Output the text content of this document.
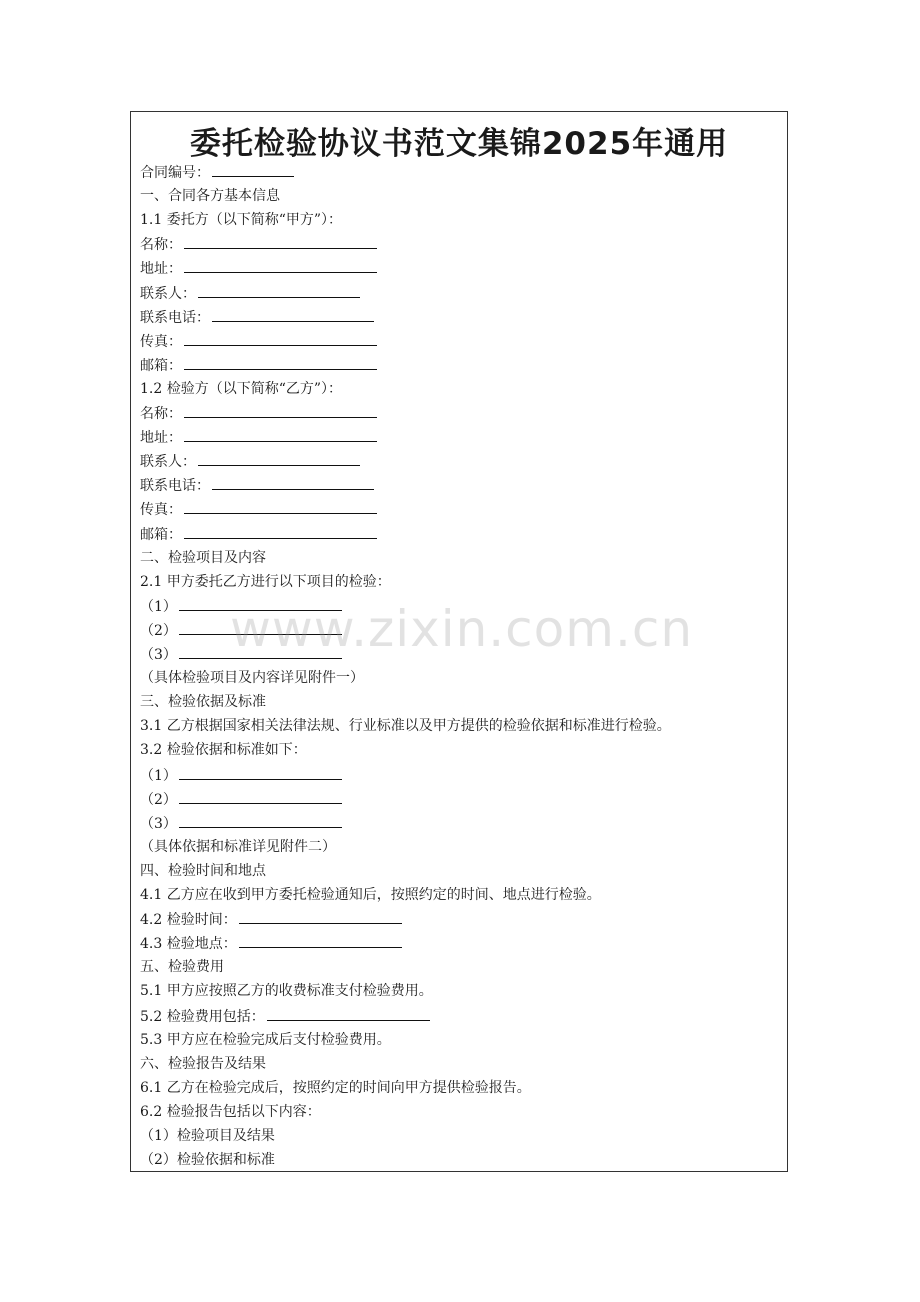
委托检验协议书范文集锦2025年通用
合同编号：
一、合同各方基本信息
1.1 委托方（以下简称“甲方”）：
名称：
地址：
联系人：
联系电话：
传真：
邮箱：
1.2 检验方（以下简称“乙方”）：
名称：
地址：
联系人：
联系电话：
传真：
邮箱：
二、检验项目及内容
2.1 甲方委托乙方进行以下项目的检验：
（1）
（2）
（3）
（具体检验项目及内容详见附件一）
三、检验依据及标准
3.1 乙方根据国家相关法律法规、行业标准以及甲方提供的检验依据和标准进行检验。
3.2 检验依据和标准如下：
（1）
（2）
（3）
（具体依据和标准详见附件二）
四、检验时间和地点
4.1 乙方应在收到甲方委托检验通知后，按照约定的时间、地点进行检验。
4.2 检验时间：
4.3 检验地点：
五、检验费用
5.1 甲方应按照乙方的收费标准支付检验费用。
5.2 检验费用包括：
5.3 甲方应在检验完成后支付检验费用。
六、检验报告及结果
6.1 乙方在检验完成后，按照约定的时间向甲方提供检验报告。
6.2 检验报告包括以下内容：
（1）检验项目及结果
（2）检验依据和标准
www.zixin.com.cn
